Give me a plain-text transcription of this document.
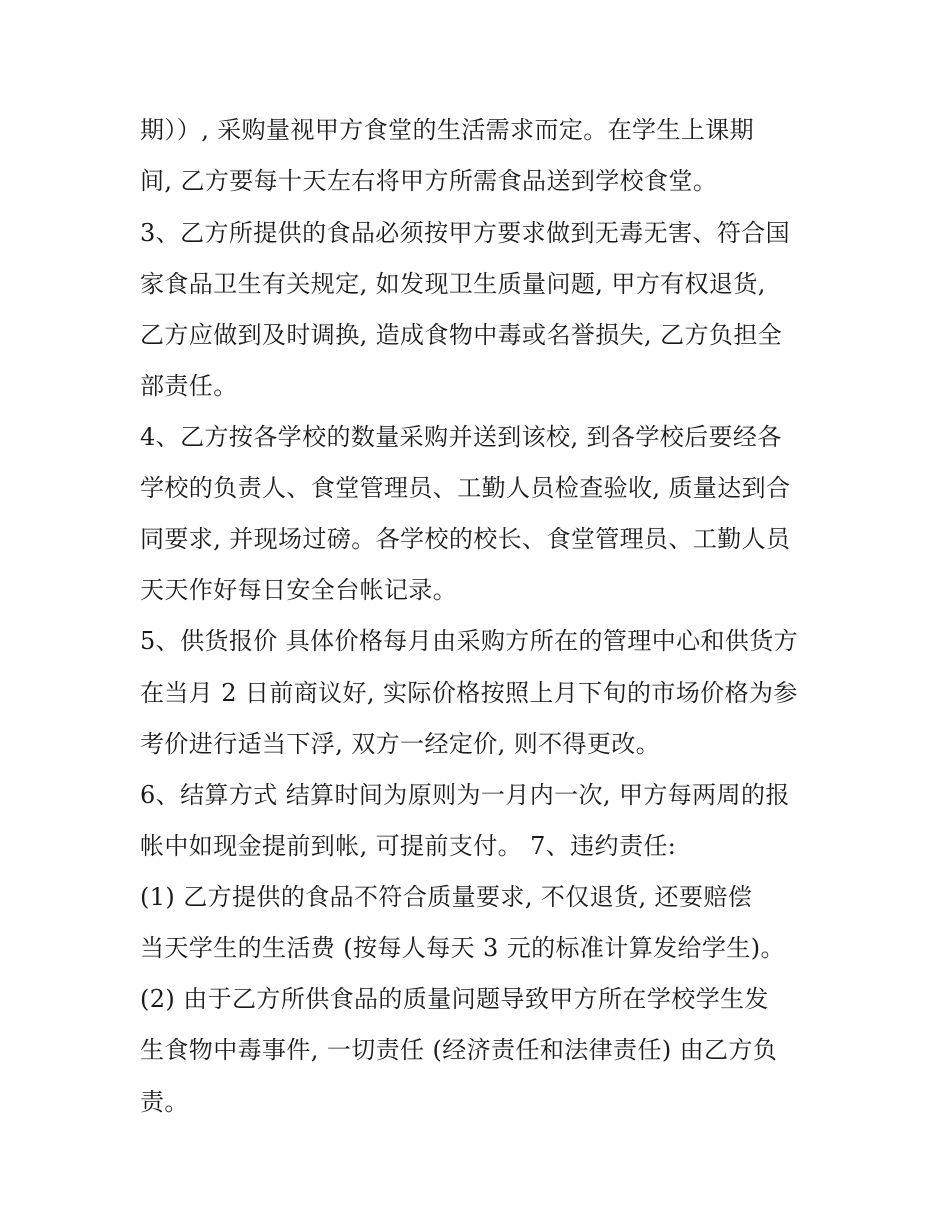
期））, 采购量视甲方食堂的生活需求而定。在学生上课期
间, 乙方要每十天左右将甲方所需食品送到学校食堂。
3、乙方所提供的食品必须按甲方要求做到无毒无害、符合国
家食品卫生有关规定, 如发现卫生质量问题, 甲方有权退货,
乙方应做到及时调换, 造成食物中毒或名誉损失, 乙方负担全
部责任。
4、乙方按各学校的数量采购并送到该校, 到各学校后要经各
学校的负责人、食堂管理员、工勤人员检查验收, 质量达到合
同要求, 并现场过磅。各学校的校长、食堂管理员、工勤人员
天天作好每日安全台帐记录。
5、供货报价 具体价格每月由采购方所在的管理中心和供货方
在当月 2 日前商议好, 实际价格按照上月下旬的市场价格为参
考价进行适当下浮, 双方一经定价, 则不得更改。
6、结算方式 结算时间为原则为一月内一次, 甲方每两周的报
帐中如现金提前到帐, 可提前支付。 7、违约责任:
(1) 乙方提供的食品不符合质量要求, 不仅退货, 还要赔偿
当天学生的生活费 (按每人每天 3 元的标准计算发给学生)。
(2) 由于乙方所供食品的质量问题导致甲方所在学校学生发
生食物中毒事件, 一切责任 (经济责任和法律责任) 由乙方负
责。
